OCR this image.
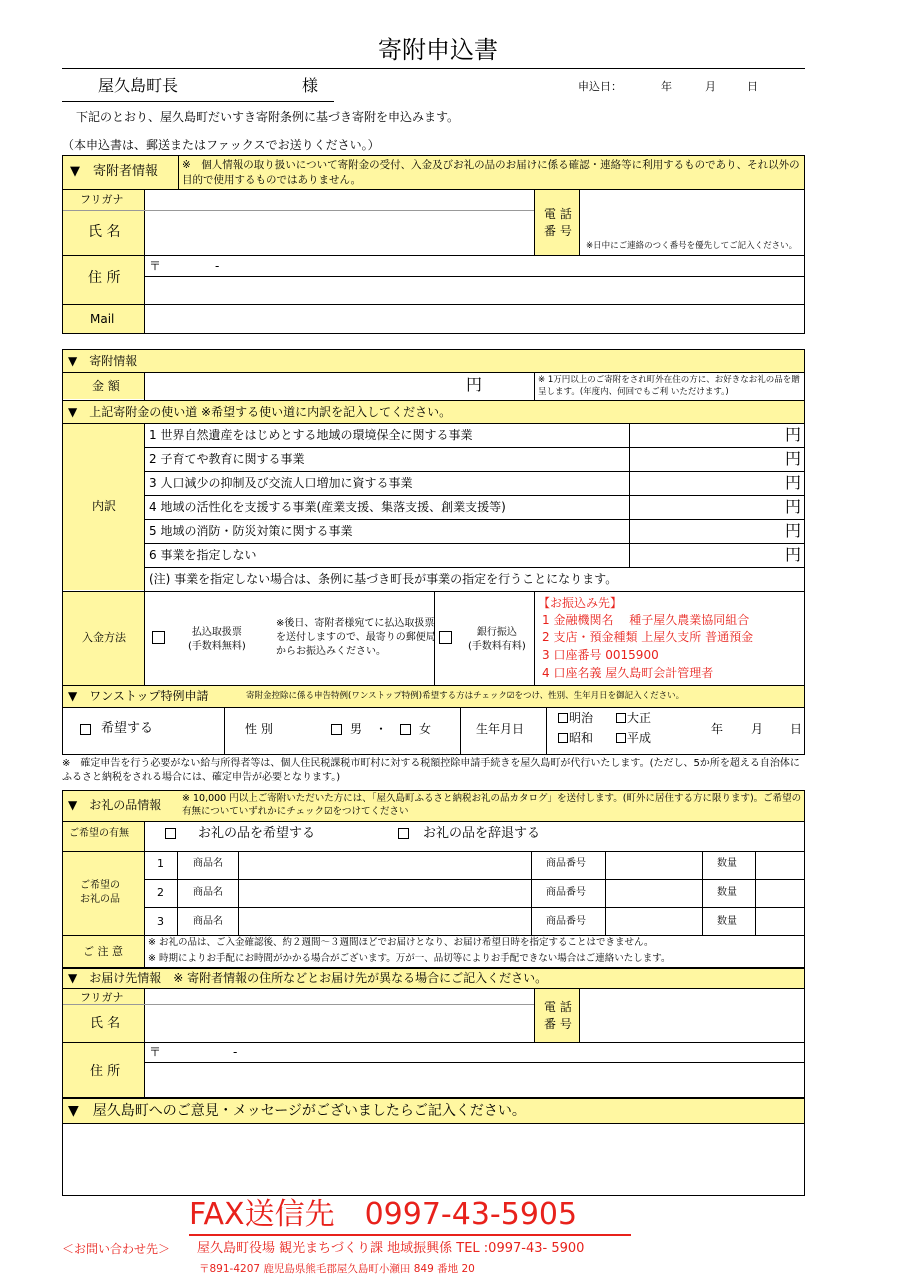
寄附申込書
屋久島町長	様	申込日：	年	月	日
下記のとおり、屋久島町だいすき寄附条例に基づき寄附を申込みます。
（本申込書は、郵送またはファックスでお送りください。）
▼　寄附者情報 ※　個人情報の取り扱いについて寄附金の受付、入金及びお礼の品のお届けに係る確認・連絡等に利用するものであり、それ以外の目的で使用するものではありません。
フリガナ
氏 名
電 話
番 号
※日中にご連絡のつく番号を優先してご記入ください。
住 所
〒	-
Mail
▼　寄附情報
金 額	円	※ 1万円以上のご寄附をされ町外在住の方に、お好きなお礼の品を贈呈します。(年度内、何回でもご利 いただけます。)
▼　上記寄附金の使い道 ※希望する使い道に内訳を記入してください。
内訳
1 世界自然遺産をはじめとする地域の環境保全に関する事業	円
2 子育てや教育に関する事業	円
3 人口減少の抑制及び交流人口増加に資する事業	円
4 地域の活性化を支援する事業(産業支援、集落支援、創業支援等)	円
5 地域の消防・防災対策に関する事業	円
6 事業を指定しない	円
(注) 事業を指定しない場合は、条例に基づき町長が事業の指定を行うことになります。
入金方法	払込取扱票
(手数料無料)
※後日、寄附者様宛てに払込取扱票を送付しますので、最寄りの郵便局からお振込みください。
銀行振込
(手数料有料)
【お振込み先】
1 金融機関名　 種子屋久農業協同組合
2 支店・預金種類 上屋久支所 普通預金
3 口座番号 0015900
4 口座名義 屋久島町会計管理者
▼　ワンストップ特例申請	寄附金控除に係る申告特例(ワンストップ特例)希望する方はチェック☑をつけ、性別、生年月日を御記入ください。
希望する	性 別	男 ・	女	生年月日
明治	大正
昭和	平成
年 月 日
※　確定申告を行う必要がない給与所得者等は、個人住民税課税市町村に対する税額控除申請手続きを屋久島町が代行いたします。(ただし、5か所を超える自治体にふるさと納税をされる場合には、確定申告が必要となります。)
▼　お礼の品情報 ※ 10,000 円以上ご寄附いただいた方には、「屋久島町ふるさと納税お礼の品カタログ」を送付します。(町外に居住する方に限ります)。ご希望の有無についていずれかにチェック☑をつけてください
ご希望の有無	お礼の品を希望する	お礼の品を辞退する
ご希望の
お礼の品
1	商品名	商品番号	数量
2	商品名	商品番号	数量
3	商品名	商品番号	数量
ご 注 意
※ お礼の品は、ご入金確認後、約２週間～３週間ほどでお届けとなり、お届け希望日時を指定することはできません。
※ 時期によりお手配にお時間がかかる場合がございます。万が一、品切等によりお手配できない場合はご連絡いたします。
▼　お届け先情報　※ 寄附者情報の住所などとお届け先が異なる場合にご記入ください。
フリガナ
氏 名
電 話
番 号
住 所
〒	-
▼　屋久島町へのご意見・メッセージがございましたらご記入ください。
FAX送信先　0997-43-5905
＜お問い合わせ先＞ 屋久島町役場 観光まちづくり課 地域振興係 TEL :0997-43- 5900
〒891-4207 鹿児島県熊毛郡屋久島町小瀬田 849 番地 20
